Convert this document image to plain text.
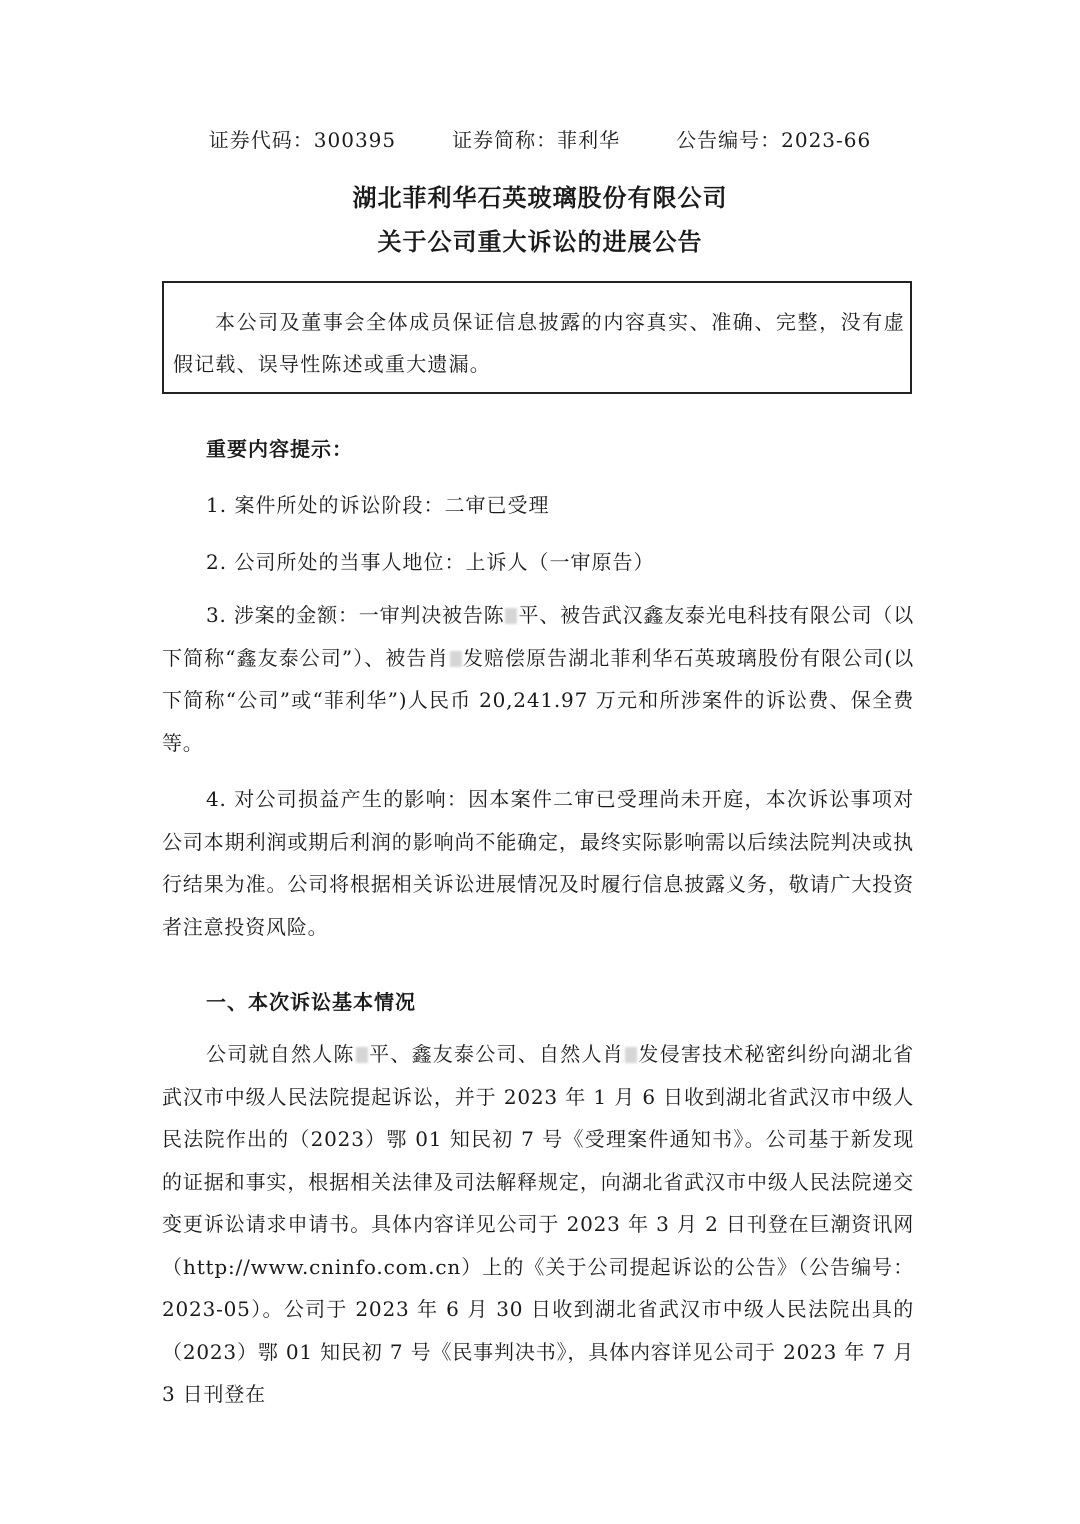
证券代码：300395	证券简称：菲利华	公告编号：2023-66
湖北菲利华石英玻璃股份有限公司
关于公司重大诉讼的进展公告

本公司及董事会全体成员保证信息披露的内容真实、准确、完整，没有虚假记载、误导性陈述或重大遗漏。

重要内容提示：
1. 案件所处的诉讼阶段：二审已受理
2. 公司所处的当事人地位：上诉人（一审原告）

3. 涉案的金额：一审判决被告陈 平、被告武汉鑫友泰光电科技有限公司（以下简称“鑫友泰公司”）、被告肖 发赔偿原告湖北菲利华石英玻璃股份有限公司(以下简称“公司”或“菲利华”)人民币 20,241.97 万元和所涉案件的诉讼费、保全费等。

4. 对公司损益产生的影响：因本案件二审已受理尚未开庭，本次诉讼事项对公司本期利润或期后利润的影响尚不能确定，最终实际影响需以后续法院判决或执行结果为准。公司将根据相关诉讼进展情况及时履行信息披露义务，敬请广大投资者注意投资风险。

一、本次诉讼基本情况

公司就自然人陈 平、鑫友泰公司、自然人肖 发侵害技术秘密纠纷向湖北省武汉市中级人民法院提起诉讼，并于 2023 年 1 月 6 日收到湖北省武汉市中级人民法院作出的（2023）鄂 01 知民初 7 号《受理案件通知书》。公司基于新发现的证据和事实，根据相关法律及司法解释规定，向湖北省武汉市中级人民法院递交变更诉讼请求申请书。具体内容详见公司于 2023 年 3 月 2 日刊登在巨潮资讯网（http://www.cninfo.com.cn）上的《关于公司提起诉讼的公告》（公告编号：2023-05）。公司于 2023 年 6 月 30 日收到湖北省武汉市中级人民法院出具的（2023）鄂 01 知民初 7 号《民事判决书》，具体内容详见公司于 2023 年 7 月 3 日刊登在
